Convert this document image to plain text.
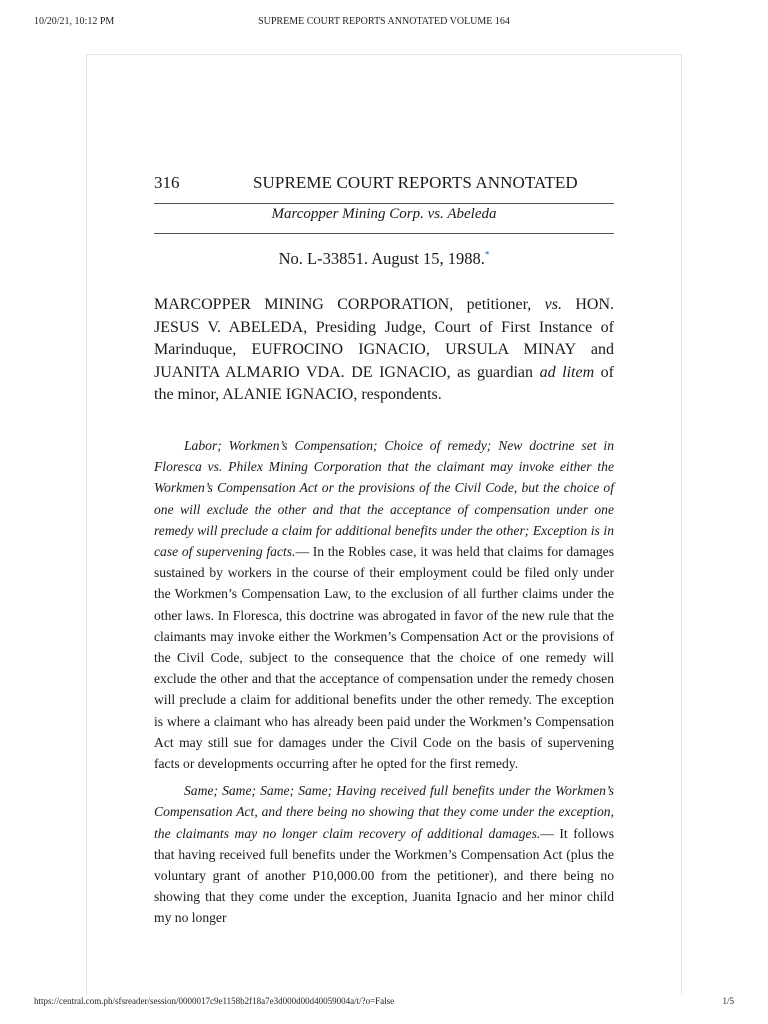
10/20/21, 10:12 PM	SUPREME COURT REPORTS ANNOTATED VOLUME 164
316	SUPREME COURT REPORTS ANNOTATED
Marcopper Mining Corp. vs. Abeleda
No. L-33851. August 15, 1988.*

MARCOPPER MINING CORPORATION, petitioner, vs. HON. JESUS V. ABELEDA, Presiding Judge, Court of First Instance of Marinduque, EUFROCINO IGNACIO, URSULA MINAY and JUANITA ALMARIO VDA. DE IGNACIO, as guardian ad litem of the minor, ALANIE IGNACIO, respondents.

Labor; Workmen’s Compensation; Choice of remedy; New doctrine set in Floresca vs. Philex Mining Corporation that the claimant may invoke either the Workmen’s Compensation Act or the provisions of the Civil Code, but the choice of one will exclude the other and that the acceptance of compensation under one remedy will preclude a claim for additional benefits under the other; Exception is in case of supervening facts.— In the Robles case, it was held that claims for damages sustained by workers in the course of their employment could be filed only under the Workmen’s Compensation Law, to the exclusion of all further claims under the other laws. In Floresca, this doctrine was abrogated in favor of the new rule that the claimants may invoke either the Workmen’s Compensation Act or the provisions of the Civil Code, subject to the consequence that the choice of one remedy will exclude the other and that the acceptance of compensation under the remedy chosen will preclude a claim for additional benefits under the other remedy. The exception is where a claimant who has already been paid under the Workmen’s Compensation Act may still sue for damages under the Civil Code on the basis of supervening facts or developments occurring after he opted for the first remedy.

Same; Same; Same; Same; Having received full benefits under the Workmen’s Compensation Act, and there being no showing that they come under the exception, the claimants may no longer claim recovery of additional damages.— It follows that having received full benefits under the Workmen’s Compensation Act (plus the voluntary grant of another P10,000.00 from the petitioner), and there being no showing that they come under the exception, Juanita Ignacio and her minor child my no longer

https://central.com.ph/sfsreader/session/0000017c9e1158b2f18a7e3d000d00d40059004a/t/?o=False	1/5
